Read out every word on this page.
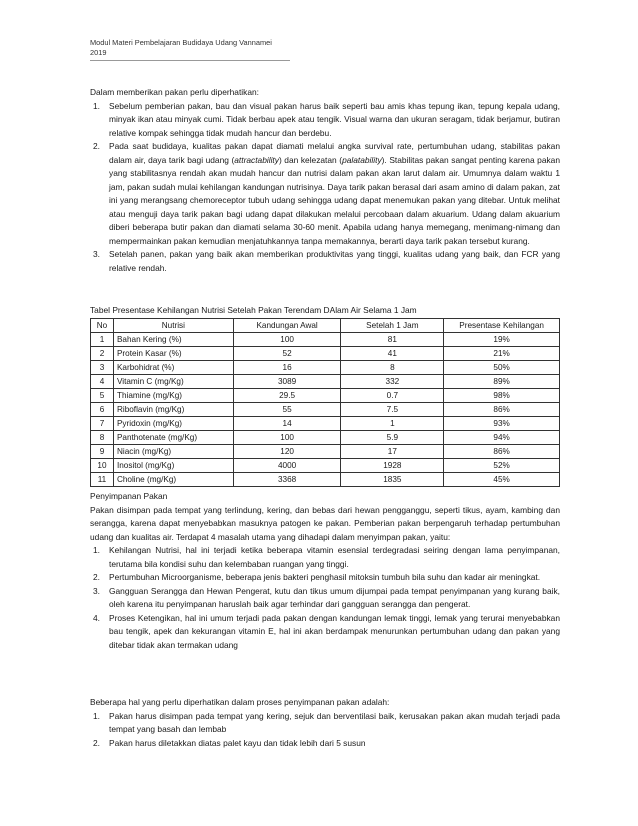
Modul Materi Pembelajaran Budidaya Udang Vannamei 2019

Dalam memberikan pakan perlu diperhatikan:

1. Sebelum pemberian pakan, bau dan visual pakan harus baik seperti bau amis khas tepung ikan, tepung kepala udang, minyak ikan atau minyak cumi. Tidak berbau apek atau tengik. Visual warna dan ukuran seragam, tidak berjamur, butiran relative kompak sehingga tidak mudah hancur dan berdebu.
2. Pada saat budidaya, kualitas pakan dapat diamati melalui angka survival rate, pertumbuhan udang, stabilitas pakan dalam air, daya tarik bagi udang (attractability) dan kelezatan (palatability). Stabilitas pakan sangat penting karena pakan yang stabilitasnya rendah akan mudah hancur dan nutrisi dalam pakan akan larut dalam air. Umumnya dalam waktu 1 jam, pakan sudah mulai kehilangan kandungan nutrisinya. Daya tarik pakan berasal dari asam amino di dalam pakan, zat ini yang merangsang chemoreceptor tubuh udang sehingga udang dapat menemukan pakan yang ditebar. Untuk melihat atau menguji daya tarik pakan bagi udang dapat dilakukan melalui percobaan dalam akuarium. Udang dalam akuarium diberi beberapa butir pakan dan diamati selama 30-60 menit. Apabila udang hanya memegang, menimang-nimang dan mempermainkan pakan kemudian menjatuhkannya tanpa memakannya, berarti daya tarik pakan tersebut kurang.
3. Setelah panen, pakan yang baik akan memberikan produktivitas yang tinggi, kualitas udang yang baik, dan FCR yang relative rendah.

Tabel Presentase Kehilangan Nutrisi Setelah Pakan Terendam DAlam Air Selama 1 Jam

No	Nutrisi	Kandungan Awal	Setelah 1 Jam	Presentase Kehilangan
1	Bahan Kering (%)	100	81	19%
2	Protein Kasar (%)	52	41	21%
3	Karbohidrat (%)	16	8	50%
4	Vitamin C (mg/Kg)	3089	332	89%
5	Thiamine (mg/Kg)	29.5	0.7	98%
6	Riboflavin (mg/Kg)	55	7.5	86%
7	Pyridoxin (mg/Kg)	14	1	93%
8	Panthotenate (mg/Kg)	100	5.9	94%
9	Niacin (mg/Kg)	120	17	86%
10	Inositol (mg/Kg)	4000	1928	52%
11	Choline (mg/Kg)	3368	1835	45%

Penyimpanan Pakan

Pakan disimpan pada tempat yang terlindung, kering, dan bebas dari hewan pengganggu, seperti tikus, ayam, kambing dan serangga, karena dapat menyebabkan masuknya patogen ke pakan. Pemberian pakan berpengaruh terhadap pertumbuhan udang dan kualitas air. Terdapat 4 masalah utama yang dihadapi dalam menyimpan pakan, yaitu:

1. Kehilangan Nutrisi, hal ini terjadi ketika beberapa vitamin esensial terdegradasi seiring dengan lama penyimpanan, terutama bila kondisi suhu dan kelembaban ruangan yang tinggi.
2. Pertumbuhan Microorganisme, beberapa jenis bakteri penghasil mitoksin tumbuh bila suhu dan kadar air meningkat.
3. Gangguan Serangga dan Hewan Pengerat, kutu dan tikus umum dijumpai pada tempat penyimpanan yang kurang baik, oleh karena itu penyimpanan haruslah baik agar terhindar dari gangguan serangga dan pengerat.
4. Proses Ketengikan, hal ini umum terjadi pada pakan dengan kandungan lemak tinggi, lemak yang terurai menyebabkan bau tengik, apek dan kekurangan vitamin E, hal ini akan berdampak menurunkan pertumbuhan udang dan pakan yang ditebar tidak akan termakan udang

Beberapa hal yang perlu diperhatikan dalam proses penyimpanan pakan adalah:

1. Pakan harus disimpan pada tempat yang kering, sejuk dan berventilasi baik, kerusakan pakan akan mudah terjadi pada tempat yang basah dan lembab
2. Pakan harus diletakkan diatas palet kayu dan tidak lebih dari 5 susun
